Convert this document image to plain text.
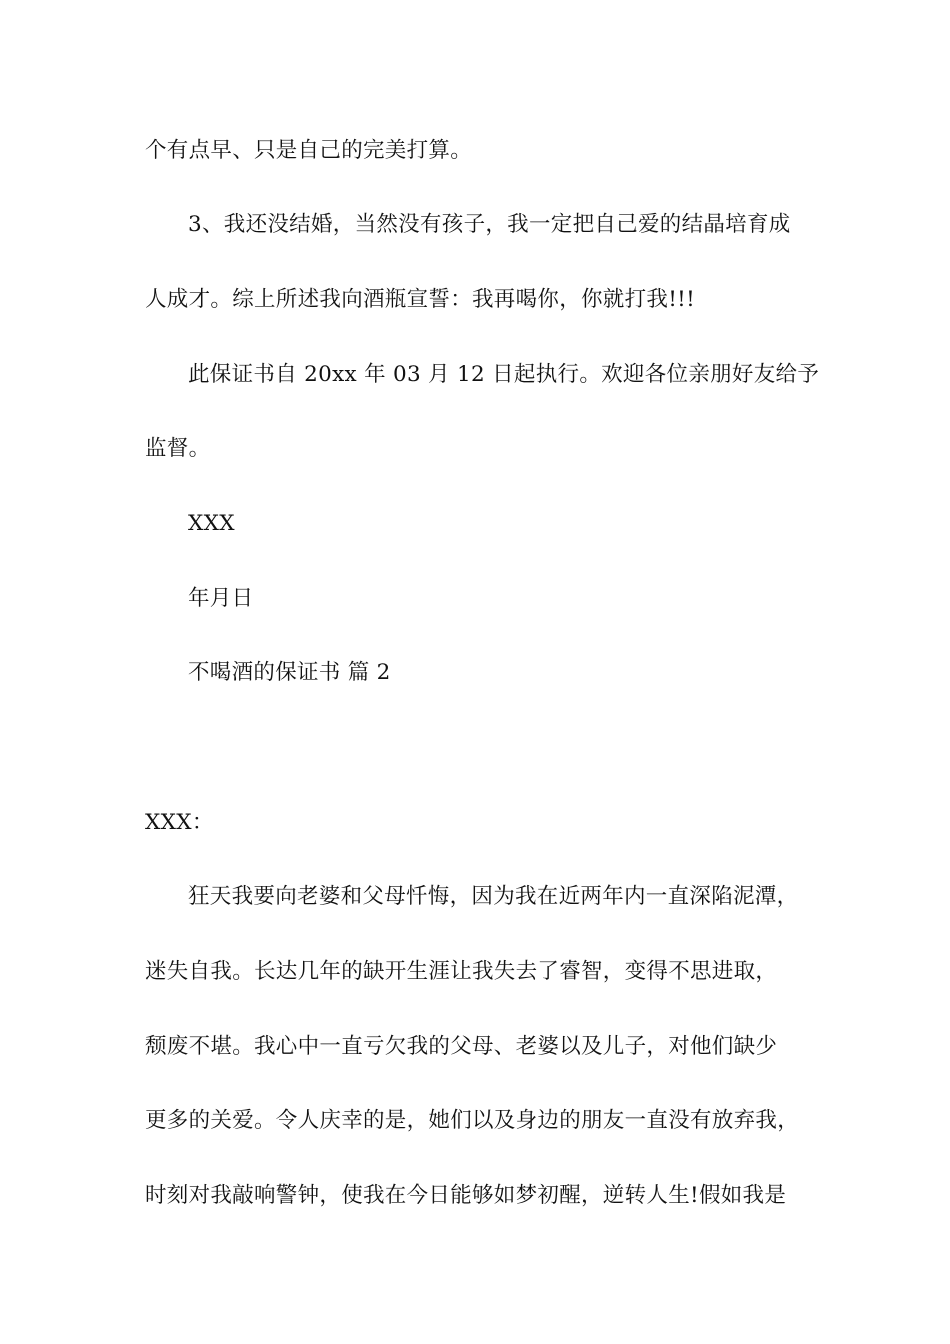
个有点早、只是自己的完美打算。
3、我还没结婚，当然没有孩子，我一定把自己爱的结晶培育成
人成才。综上所述我向酒瓶宣誓：我再喝你，你就打我!!!
此保证书自 20xx 年 03 月 12 日起执行。欢迎各位亲朋好友给予
监督。
XXX
年月日
不喝酒的保证书 篇 2
XXX：
狂天我要向老婆和父母忏悔，因为我在近两年内一直深陷泥潭，
迷失自我。长达几年的缺开生涯让我失去了睿智，变得不思进取，
颓废不堪。我心中一直亏欠我的父母、老婆以及儿子，对他们缺少
更多的关爱。令人庆幸的是，她们以及身边的朋友一直没有放弃我，
时刻对我敲响警钟，使我在今日能够如梦初醒，逆转人生!假如我是
